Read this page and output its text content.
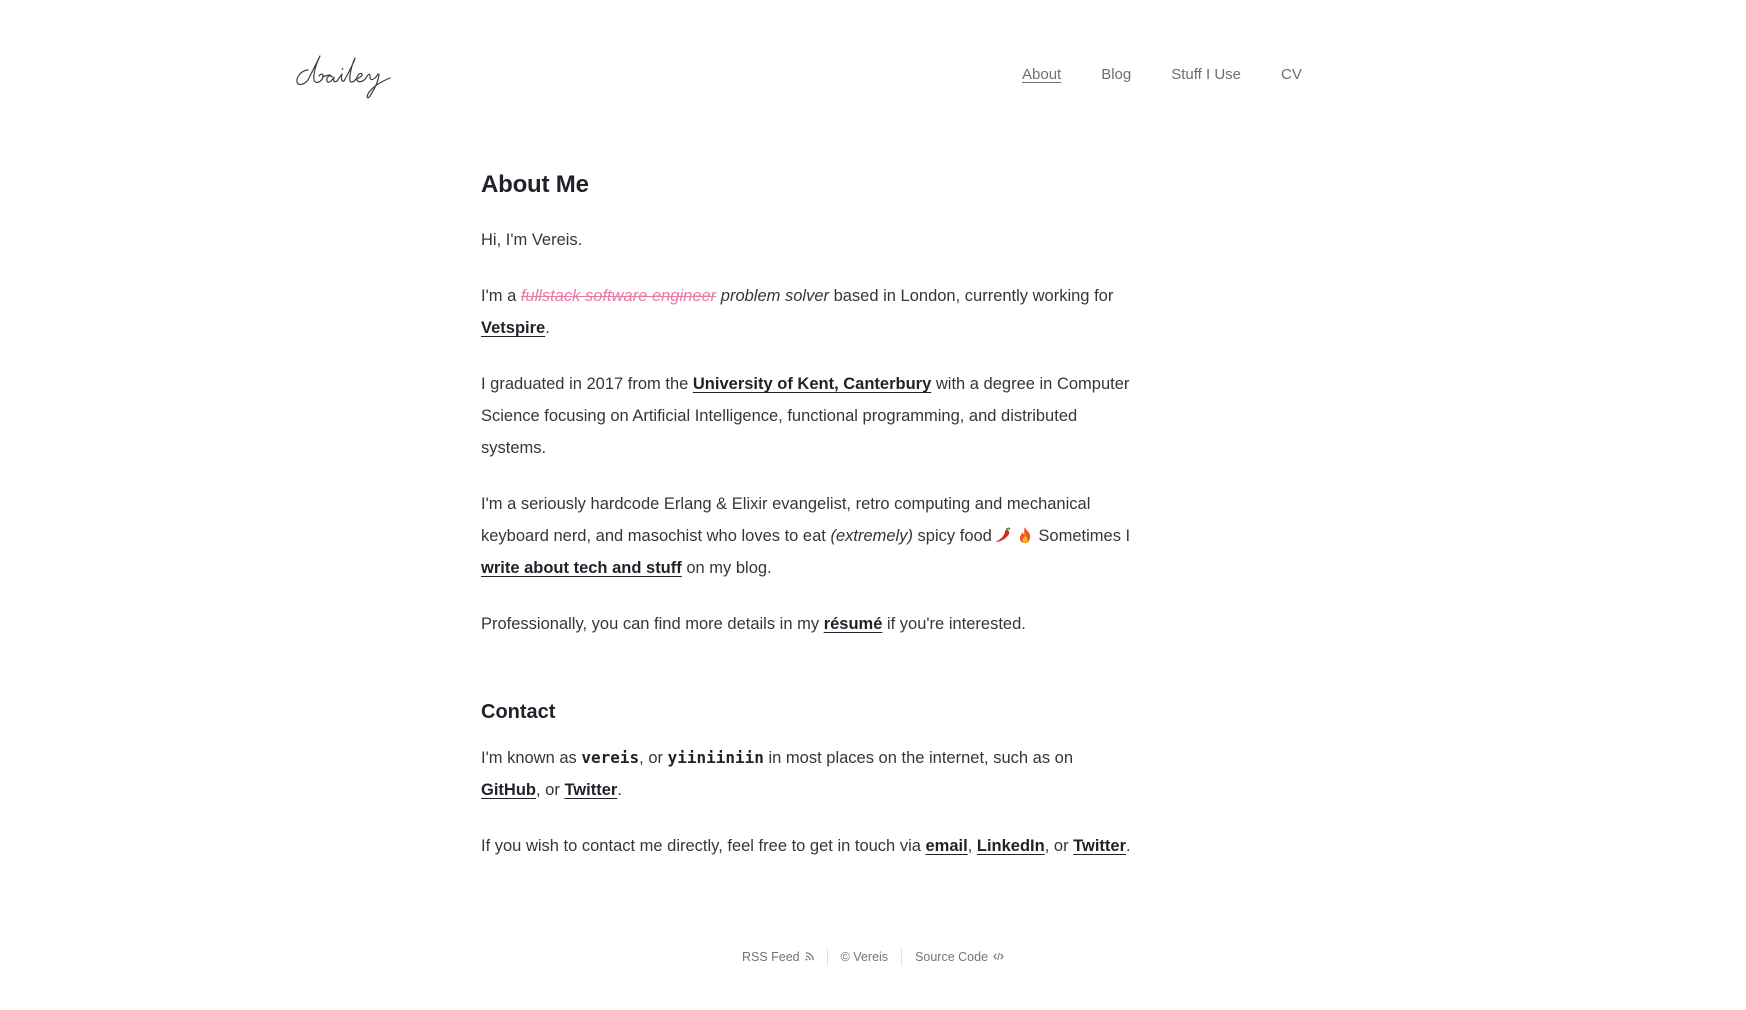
About	Blog	Stuff I Use	CV
About Me

Hi, I'm Vereis.

I'm a fullstack software engineer problem solver based in London, currently working for Vetspire.

I graduated in 2017 from the University of Kent, Canterbury with a degree in Computer Science focusing on Artificial Intelligence, functional programming, and distributed systems.

I'm a seriously hardcode Erlang & Elixir evangelist, retro computing and mechanical keyboard nerd, and masochist who loves to eat (extremely) spicy food	Sometimes I write about tech and stuff on my blog.

Professionally, you can find more details in my résumé if you're interested.

Contact

I'm known as vereis, or yiiniiniin in most places on the internet, such as on GitHub, or Twitter.

If you wish to contact me directly, feel free to get in touch via email, LinkedIn, or Twitter.

RSS Feed	© Vereis	Source Code
